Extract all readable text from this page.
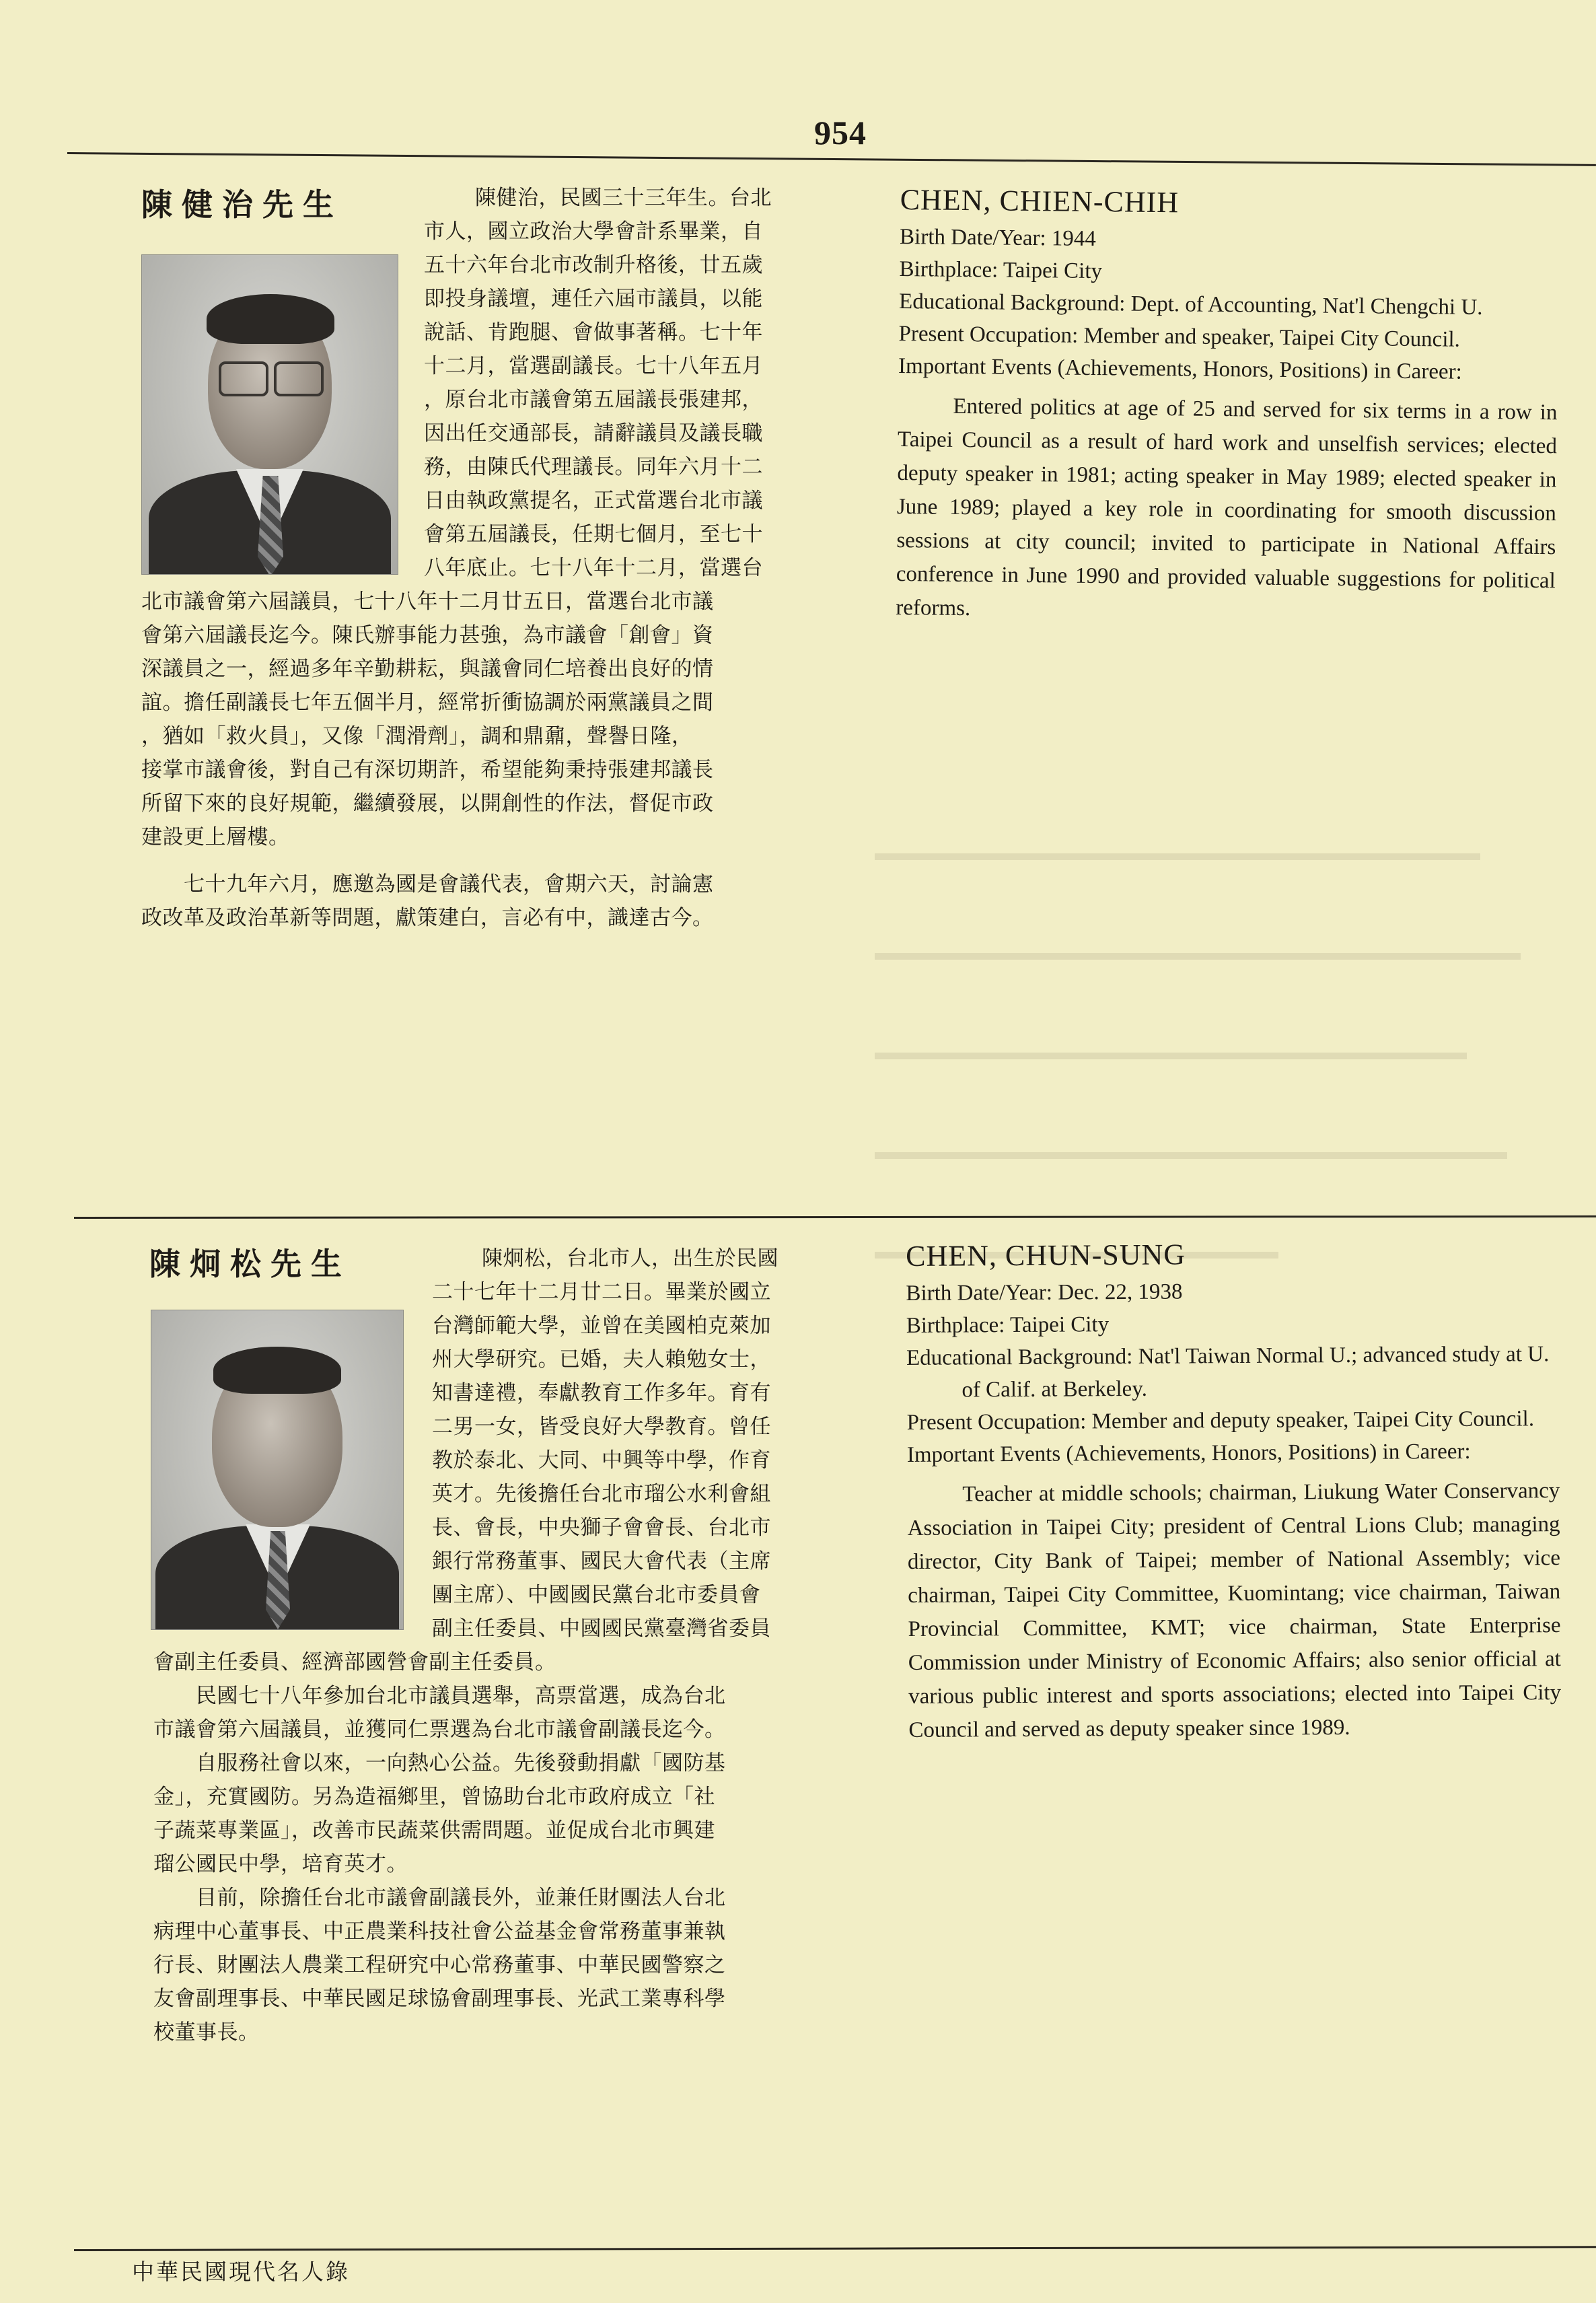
954

陳健治先生	陳健治，民國三十三年生。台北

市人，國立政治大學會計系畢業，自

五十六年台北市改制升格後，廿五歲

即投身議壇，連任六屆市議員，以能

說話、肯跑腿、會做事著稱。七十年

十二月，當選副議長。七十八年五月

，原台北市議會第五屆議長張建邦，

因出任交通部長，請辭議員及議長職

務，由陳氏代理議長。同年六月十二

日由執政黨提名，正式當選台北市議

會第五屆議長，任期七個月，至七十

八年底止。七十八年十二月，當選台

北市議會第六屆議員，七十八年十二月廿五日，當選台北市議

會第六屆議長迄今。陳氏辦事能力甚強，為市議會「創會」資

深議員之一，經過多年辛勤耕耘，與議會同仁培養出良好的情

誼。擔任副議長七年五個半月，經常折衝協調於兩黨議員之間

，猶如「救火員」，又像「潤滑劑」，調和鼎鼐，聲譽日隆，

接掌市議會後，對自己有深切期許，希望能夠秉持張建邦議長

所留下來的良好規範，繼續發展，以開創性的作法，督促市政

建設更上層樓。

　　七十九年六月，應邀為國是會議代表，會期六天，討論憲

政改革及政治革新等問題，獻策建白，言必有中，識達古今。

CHEN, CHIEN-CHIH

Birth Date/Year: 1944

Birthplace: Taipei City

Educational Background: Dept. of Accounting, Nat'l Chengchi U.

Present Occupation: Member and speaker, Taipei City Council.

Important Events (Achievements, Honors, Positions) in Career:

Entered politics at age of 25 and served for six terms in a row in Taipei Council as a result of hard work and unselfish services; elected deputy speaker in 1981; acting speaker in May 1989; elected speaker in June 1989; played a key role in coordinating for smooth discussion sessions at city council; invited to participate in National Affairs conference in June 1990 and provided valuable suggestions for political reforms.

陳炯松先生	陳炯松，台北市人，出生於民國

二十七年十二月廿二日。畢業於國立

台灣師範大學，並曾在美國柏克萊加

州大學研究。已婚，夫人賴勉女士，

知書達禮，奉獻教育工作多年。育有

二男一女，皆受良好大學教育。曾任

教於泰北、大同、中興等中學，作育

英才。先後擔任台北市瑠公水利會組

長、會長，中央獅子會會長、台北市

銀行常務董事、國民大會代表（主席

團主席）、中國國民黨台北市委員會

副主任委員、中國國民黨臺灣省委員

會副主任委員、經濟部國營會副主任委員。

　　民國七十八年參加台北市議員選舉，高票當選，成為台北

市議會第六屆議員，並獲同仁票選為台北市議會副議長迄今。

　　自服務社會以來，一向熱心公益。先後發動捐獻「國防基

金」，充實國防。另為造福鄉里，曾協助台北市政府成立「社

子蔬菜專業區」，改善市民蔬菜供需問題。並促成台北市興建

瑠公國民中學，培育英才。

　　目前，除擔任台北市議會副議長外，並兼任財團法人台北

病理中心董事長、中正農業科技社會公益基金會常務董事兼執

行長、財團法人農業工程研究中心常務董事、中華民國警察之

友會副理事長、中華民國足球協會副理事長、光武工業專科學

校董事長。

CHEN, CHUN-SUNG

Birth Date/Year: Dec. 22, 1938

Birthplace: Taipei City

Educational Background: Nat'l Taiwan Normal U.; advanced study at U. of Calif. at Berkeley.

Present Occupation: Member and deputy speaker, Taipei City Council.

Important Events (Achievements, Honors, Positions) in Career:

Teacher at middle schools; chairman, Liukung Water Conservancy Association in Taipei City; president of Central Lions Club; managing director, City Bank of Taipei; member of National Assembly; vice chairman, Taipei City Committee, Kuomintang; vice chairman, Taiwan Provincial Committee, KMT; vice chairman, State Enterprise Commission under Ministry of Economic Affairs; also senior official at various public interest and sports associations; elected into Taipei City Council and served as deputy speaker since 1989.

中華民國現代名人錄
